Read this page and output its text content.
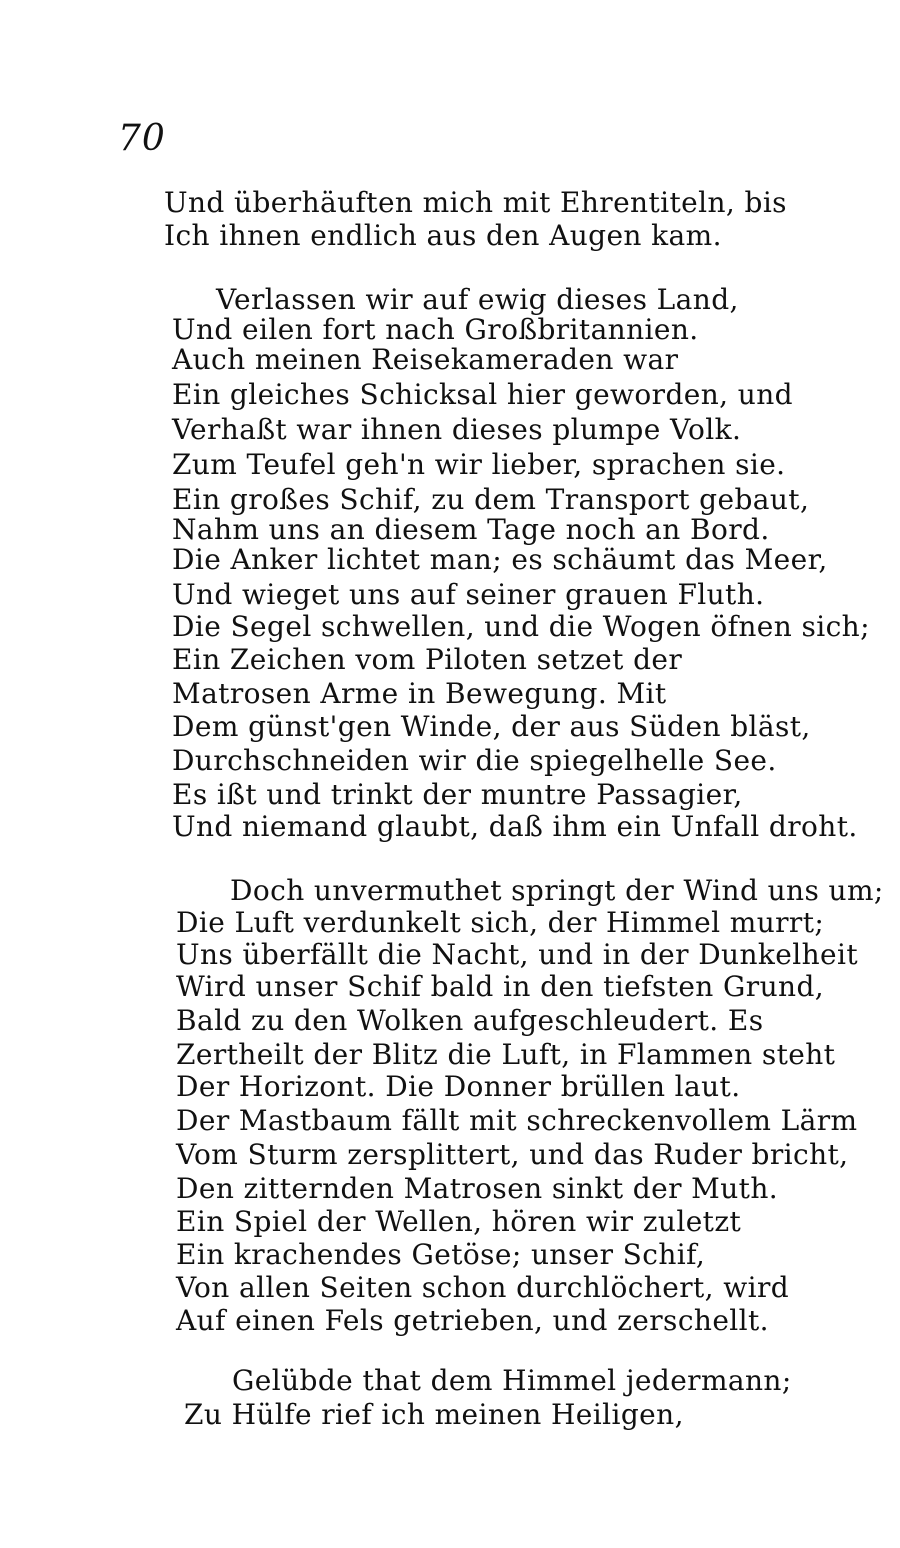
70
Und überhäuften mich mit Ehrentiteln, bis
Ich ihnen endlich aus den Augen kam.
Verlassen wir auf ewig dieses Land,
Und eilen fort nach Großbritannien.
Auch meinen Reisekameraden war
Ein gleiches Schicksal hier geworden, und
Verhaßt war ihnen dieses plumpe Volk.
Zum Teufel geh'n wir lieber, sprachen sie.
Ein großes Schif, zu dem Transport gebaut,
Nahm uns an diesem Tage noch an Bord.
Die Anker lichtet man; es schäumt das Meer,
Und wieget uns auf seiner grauen Fluth.
Die Segel schwellen, und die Wogen öfnen sich;
Ein Zeichen vom Piloten setzet der
Matrosen Arme in Bewegung. Mit
Dem günst'gen Winde, der aus Süden bläst,
Durchschneiden wir die spiegelhelle See.
Es ißt und trinkt der muntre Passagier,
Und niemand glaubt, daß ihm ein Unfall droht.
Doch unvermuthet springt der Wind uns um;
Die Luft verdunkelt sich, der Himmel murrt;
Uns überfällt die Nacht, und in der Dunkelheit
Wird unser Schif bald in den tiefsten Grund,
Bald zu den Wolken aufgeschleudert. Es
Zertheilt der Blitz die Luft, in Flammen steht
Der Horizont. Die Donner brüllen laut.
Der Mastbaum fällt mit schreckenvollem Lärm
Vom Sturm zersplittert, und das Ruder bricht,
Den zitternden Matrosen sinkt der Muth.
Ein Spiel der Wellen, hören wir zuletzt
Ein krachendes Getöse; unser Schif,
Von allen Seiten schon durchlöchert, wird
Auf einen Fels getrieben, und zerschellt.
Gelübde that dem Himmel jedermann;
Zu Hülfe rief ich meinen Heiligen,
